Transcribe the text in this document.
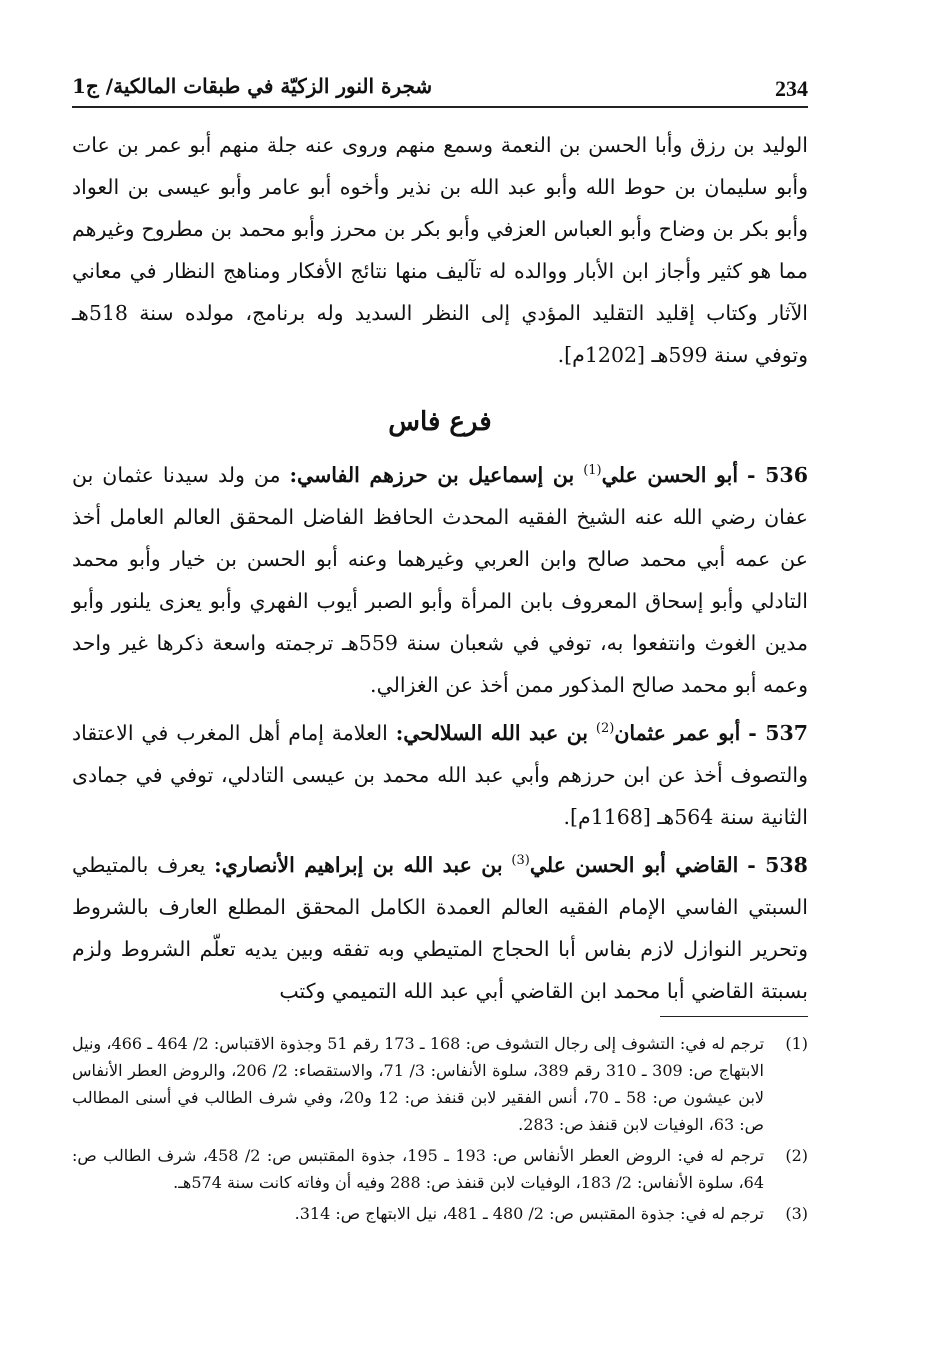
234
شجرة النور الزكيّة في طبقات المالكية/ ج1

الوليد بن رزق وأبا الحسن بن النعمة وسمع منهم وروى عنه جلة منهم أبو عمر بن عات وأبو سليمان بن حوط الله وأبو عبد الله بن نذير وأخوه أبو عامر وأبو عيسى بن العواد وأبو بكر بن وضاح وأبو العباس العزفي وأبو بكر بن محرز وأبو محمد بن مطروح وغيرهم مما هو كثير وأجاز ابن الأبار ووالده له تآليف منها نتائج الأفكار ومناهج النظار في معاني الآثار وكتاب إقليد التقليد المؤدي إلى النظر السديد وله برنامج، مولده سنة 518هـ وتوفي سنة 599هـ [1202م].

فرع فاس

536 - أبو الحسن علي$^{(1)}$ بن إسماعيل بن حرزهم الفاسي: من ولد سيدنا عثمان بن عفان رضي الله عنه الشيخ الفقيه المحدث الحافظ الفاضل المحقق العالم العامل أخذ عن عمه أبي محمد صالح وابن العربي وغيرهما وعنه أبو الحسن بن خيار وأبو محمد التادلي وأبو إسحاق المعروف بابن المرأة وأبو الصبر أيوب الفهري وأبو يعزى يلنور وأبو مدين الغوث وانتفعوا به، توفي في شعبان سنة 559هـ ترجمته واسعة ذكرها غير واحد وعمه أبو محمد صالح المذكور ممن أخذ عن الغزالي.

537 - أبو عمر عثمان$^{(2)}$ بن عبد الله السلالحي: العلامة إمام أهل المغرب في الاعتقاد والتصوف أخذ عن ابن حرزهم وأبي عبد الله محمد بن عيسى التادلي، توفي في جمادى الثانية سنة 564هـ [1168م].

538 - القاضي أبو الحسن علي$^{(3)}$ بن عبد الله بن إبراهيم الأنصاري: يعرف بالمتيطي السبتي الفاسي الإمام الفقيه العالم العمدة الكامل المحقق المطلع العارف بالشروط وتحرير النوازل لازم بفاس أبا الحجاج المتيطي وبه تفقه وبين يديه تعلّم الشروط ولزم بسبتة القاضي أبا محمد ابن القاضي أبي عبد الله التميمي وكتب

(1)
ترجم له في: التشوف إلى رجال التشوف ص: 168 ـ 173 رقم 51 وجذوة الاقتباس: 2/ 464 ـ 466، ونيل الابتهاج ص: 309 ـ 310 رقم 389، سلوة الأنفاس: 3/ 71، والاستقصاء: 2/ 206، والروض العطر الأنفاس لابن عيشون ص: 58 ـ 70، أنس الفقير لابن قنفذ ص: 12 و20، وفي شرف الطالب في أسنى المطالب ص: 63، الوفيات لابن قنفذ ص: 283.
(2)
ترجم له في: الروض العطر الأنفاس ص: 193 ـ 195، جذوة المقتبس ص: 2/ 458، شرف الطالب ص: 64، سلوة الأنفاس: 2/ 183، الوفيات لابن قنفذ ص: 288 وفيه أن وفاته كانت سنة 574هـ.
(3)
ترجم له في: جذوة المقتبس ص: 2/ 480 ـ 481، نيل الابتهاج ص: 314.
